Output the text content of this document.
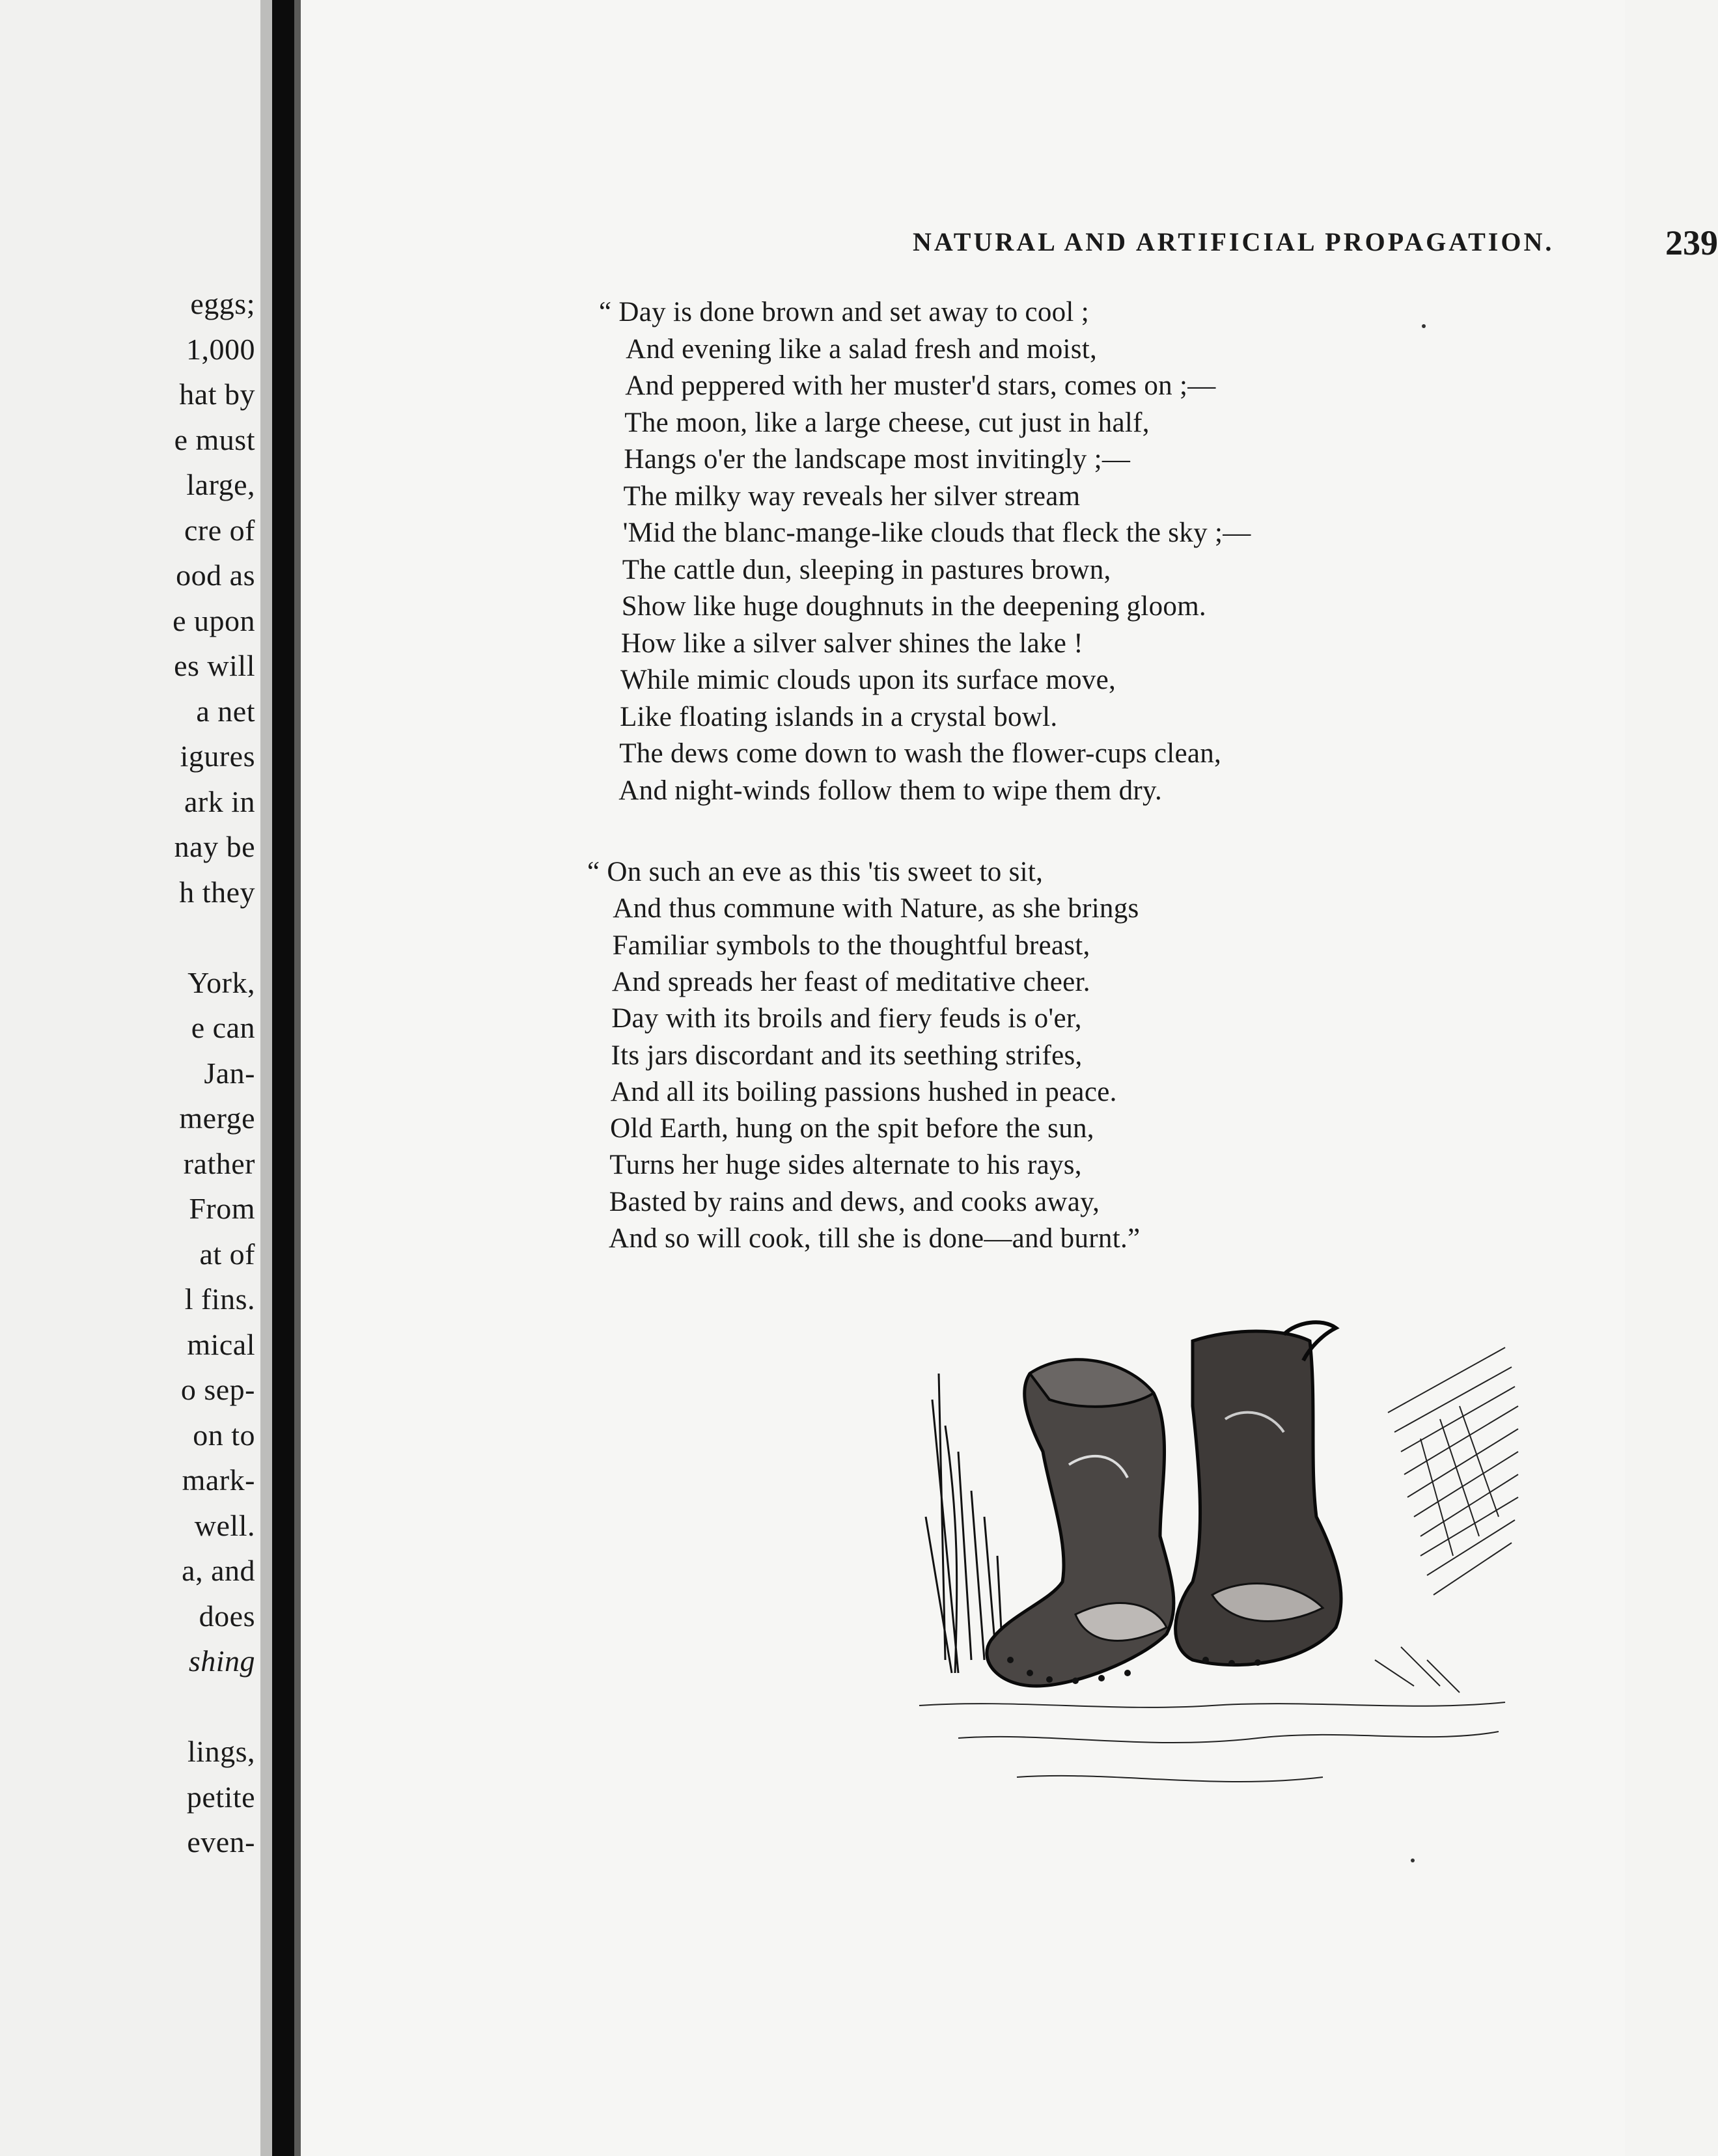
eggs;
1,000
hat by
e must
large,
cre of
ood as
e upon
es will
a net
igures
ark in
nay be
h they
York,
e can
Jan-
merge
rather
From
at of
l fins.
mical
o sep-
on to
mark-
well.
a, and
does
shing
lings,
petite
even-
NATURAL AND ARTIFICIAL PROPAGATION.	239
“ Day is done brown and set away to cool ;
And evening like a salad fresh and moist,
And peppered with her muster'd stars, comes on ;—
The moon, like a large cheese, cut just in half,
Hangs o'er the landscape most invitingly ;—
The milky way reveals her silver stream
'Mid the blanc-mange-like clouds that fleck the sky ;—
The cattle dun, sleeping in pastures brown,
Show like huge doughnuts in the deepening gloom.
How like a silver salver shines the lake !
While mimic clouds upon its surface move,
Like floating islands in a crystal bowl.
The dews come down to wash the flower-cups clean,
And night-winds follow them to wipe them dry.
“ On such an eve as this 'tis sweet to sit,
And thus commune with Nature, as she brings
Familiar symbols to the thoughtful breast,
And spreads her feast of meditative cheer.
Day with its broils and fiery feuds is o'er,
Its jars discordant and its seething strifes,
And all its boiling passions hushed in peace.
Old Earth, hung on the spit before the sun,
Turns her huge sides alternate to his rays,
Basted by rains and dews, and cooks away,
And so will cook, till she is done—and burnt.”
